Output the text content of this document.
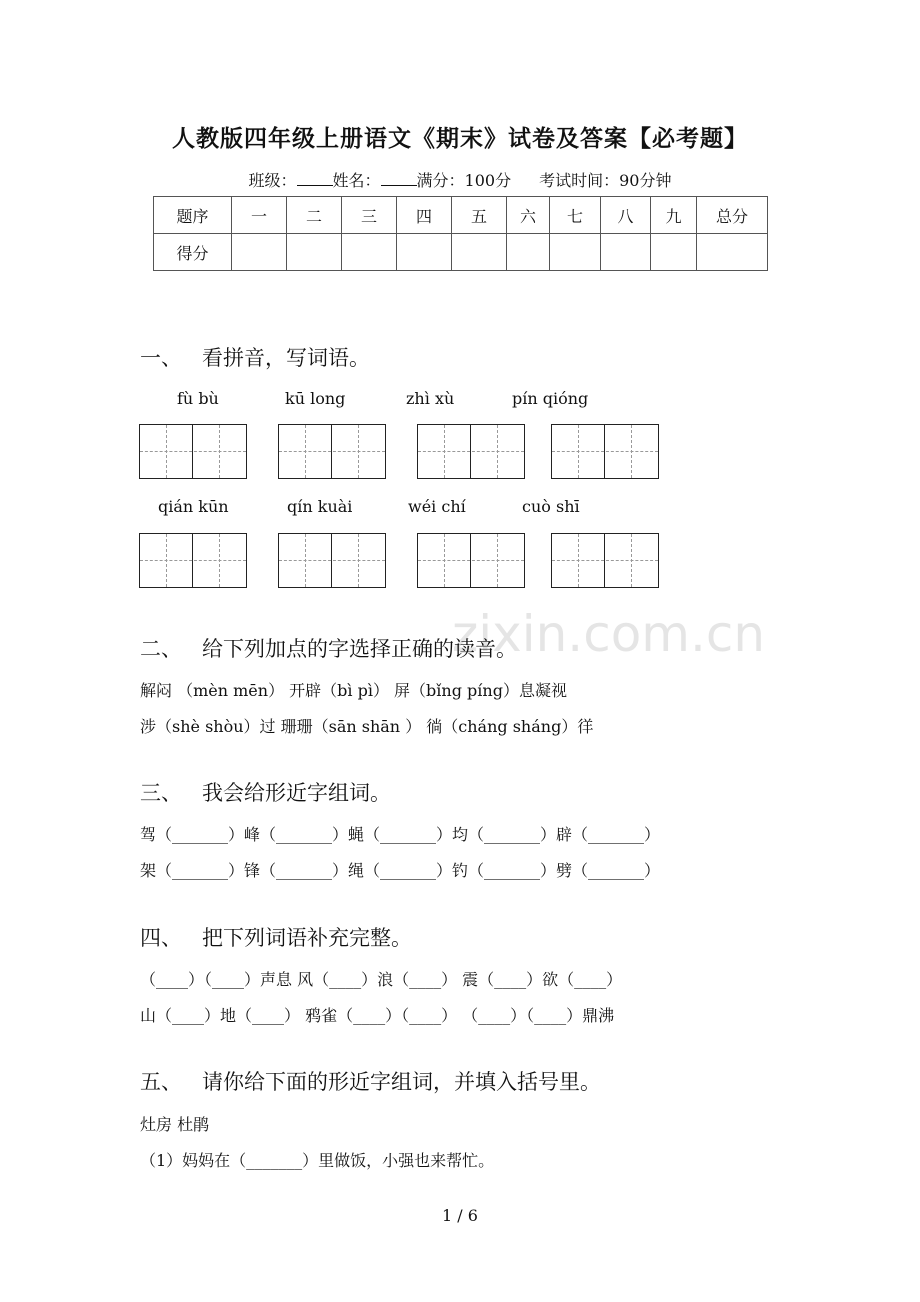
人教版四年级上册语文《期末》试卷及答案【必考题】
班级： 姓名： 满分：100分 考试时间：90分钟
题序	一	二	三	四	五	六	七	八	九	总分
得分										
一、 看拼音，写词语。
fù bù	kū long	zhì xù	pín qióng
qián kūn	qín kuài	wéi chí	cuò shī
zixin.com.cn
二、 给下列加点的字选择正确的读音。
解闷 （mèn mēn） 开辟（bì pì） 屏（bǐng píng）息凝视
涉（shè shòu）过 珊珊（sān shān ） 徜（cháng sháng）徉
三、 我会给形近字组词。
驾（_______）峰（_______）蝇（_______）均（_______）辟（_______）
架（_______）锋（_______）绳（_______）钓（_______）劈（_______）
四、 把下列词语补充完整。
（____）（____）声息 风（____）浪（____） 震（____）欲（____）
山（____）地（____） 鸦雀（____）（____） （____）（____）鼎沸
五、 请你给下面的形近字组词，并填入括号里。
灶房 杜鹃
（1）妈妈在（_______）里做饭，小强也来帮忙。
1 / 6
